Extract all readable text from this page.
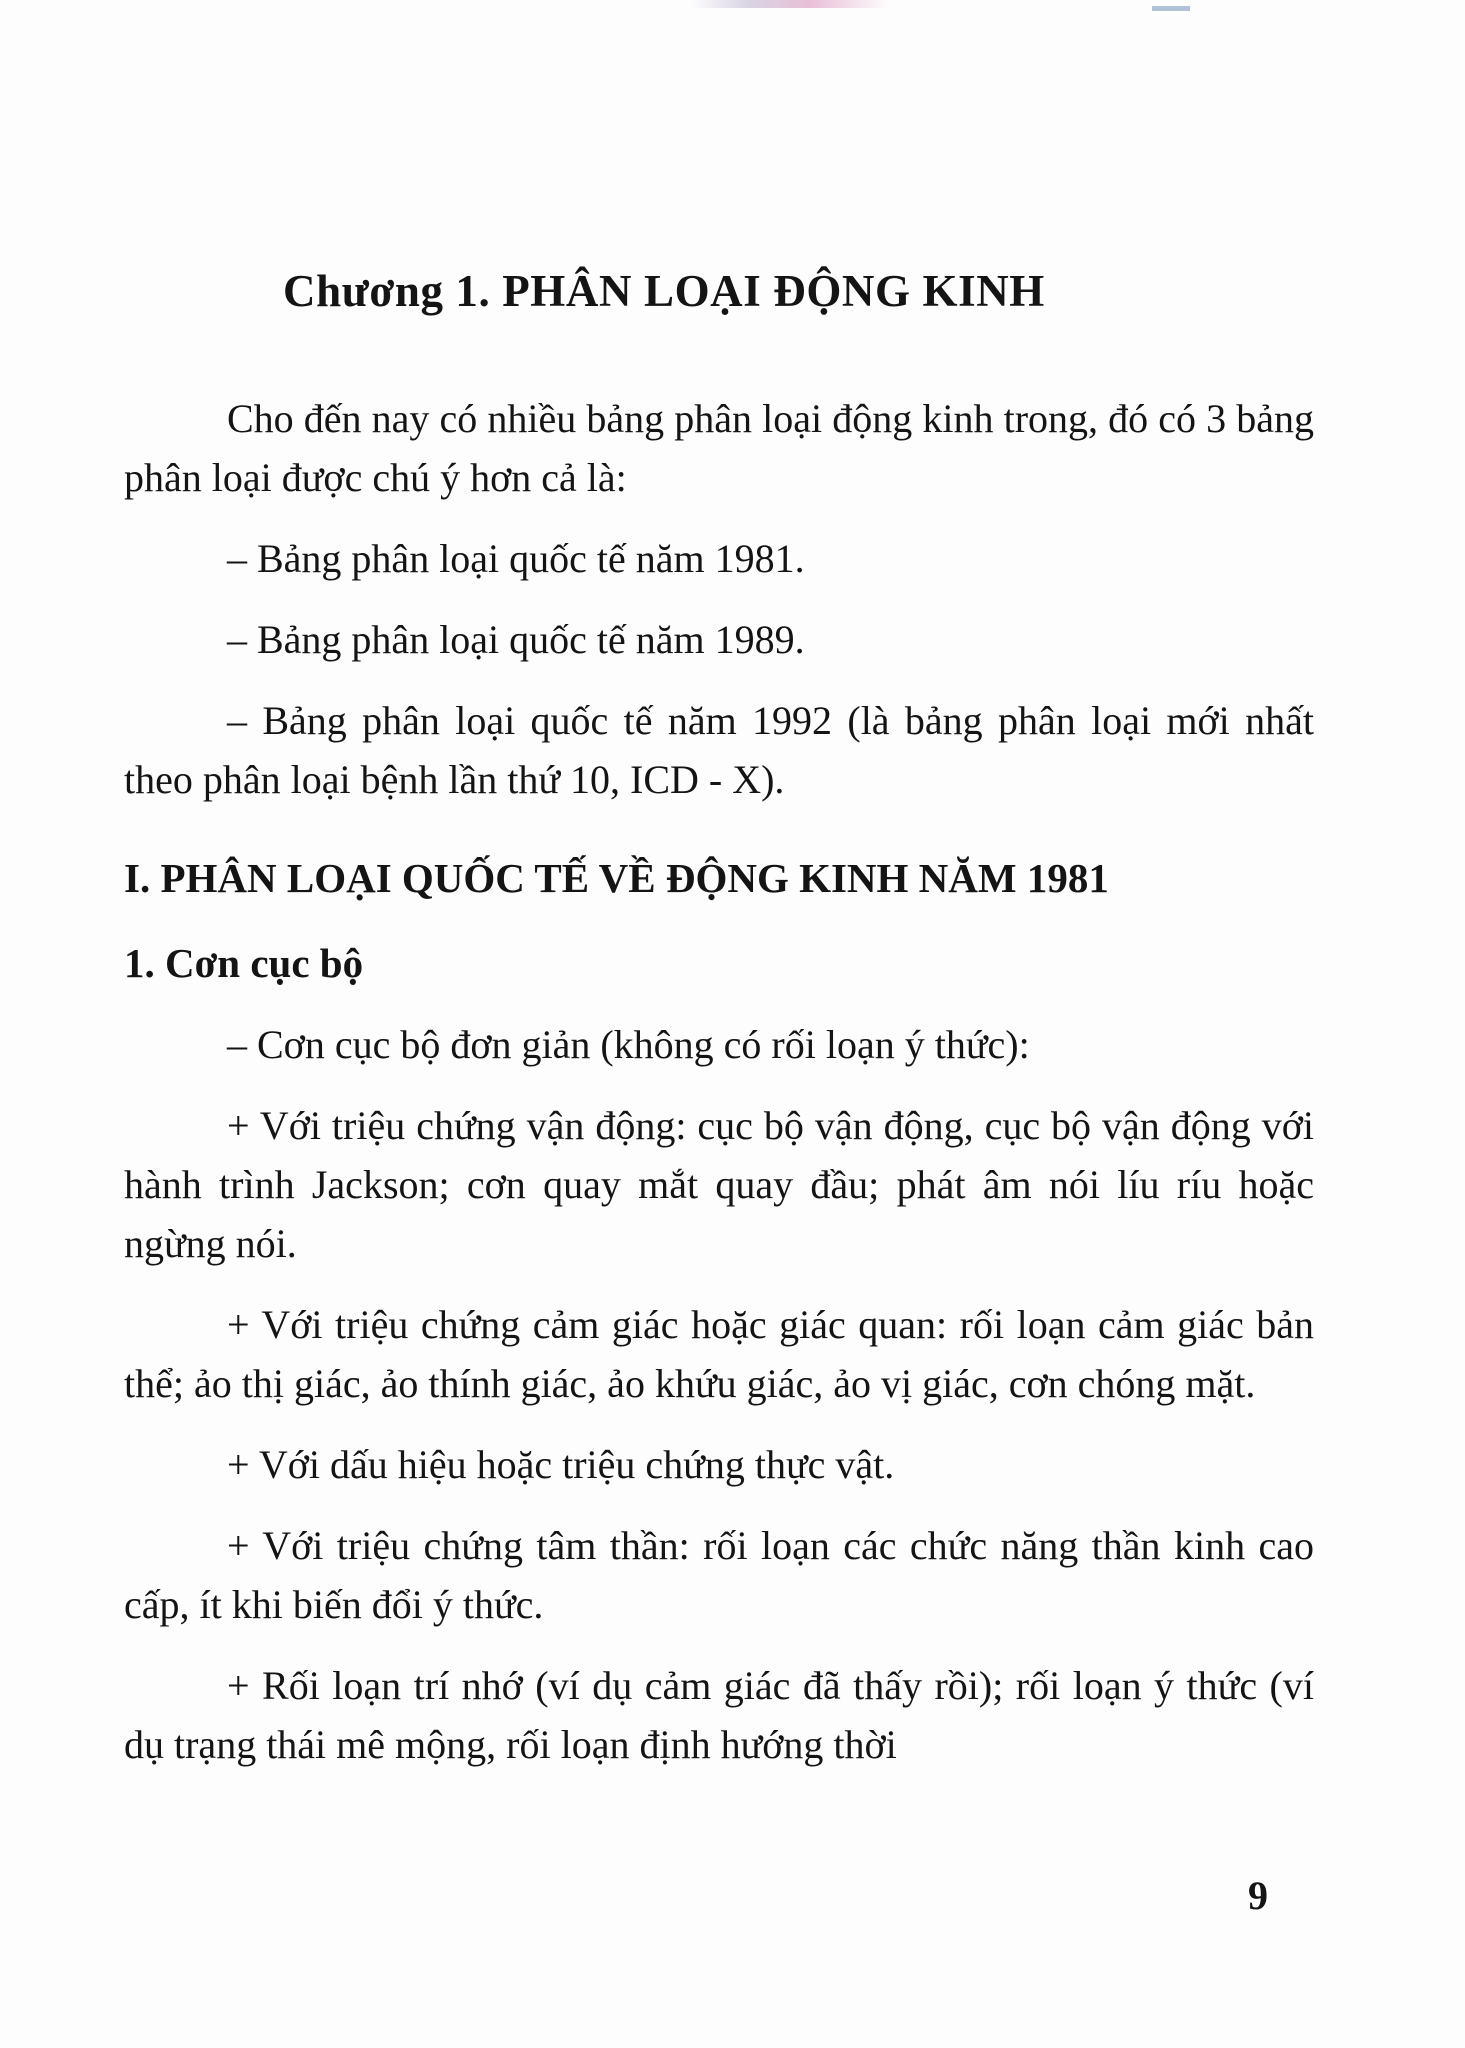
Chương 1. PHÂN LOẠI ĐỘNG KINH

Cho đến nay có nhiều bảng phân loại động kinh trong, đó có 3 bảng phân loại được chú ý hơn cả là:

– Bảng phân loại quốc tế năm 1981.

– Bảng phân loại quốc tế năm 1989.

– Bảng phân loại quốc tế năm 1992 (là bảng phân loại mới nhất theo phân loại bệnh lần thứ 10, ICD - X).

I. PHÂN LOẠI QUỐC TẾ VỀ ĐỘNG KINH NĂM 1981
1. Cơn cục bộ

– Cơn cục bộ đơn giản (không có rối loạn ý thức):

+ Với triệu chứng vận động: cục bộ vận động, cục bộ vận động với hành trình Jackson; cơn quay mắt quay đầu; phát âm nói líu ríu hoặc ngừng nói.

+ Với triệu chứng cảm giác hoặc giác quan: rối loạn cảm giác bản thể; ảo thị giác, ảo thính giác, ảo khứu giác, ảo vị giác, cơn chóng mặt.

+ Với dấu hiệu hoặc triệu chứng thực vật.

+ Với triệu chứng tâm thần: rối loạn các chức năng thần kinh cao cấp, ít khi biến đổi ý thức.

+ Rối loạn trí nhớ (ví dụ cảm giác đã thấy rồi); rối loạn ý thức (ví dụ trạng thái mê mộng, rối loạn định hướng thời

9
